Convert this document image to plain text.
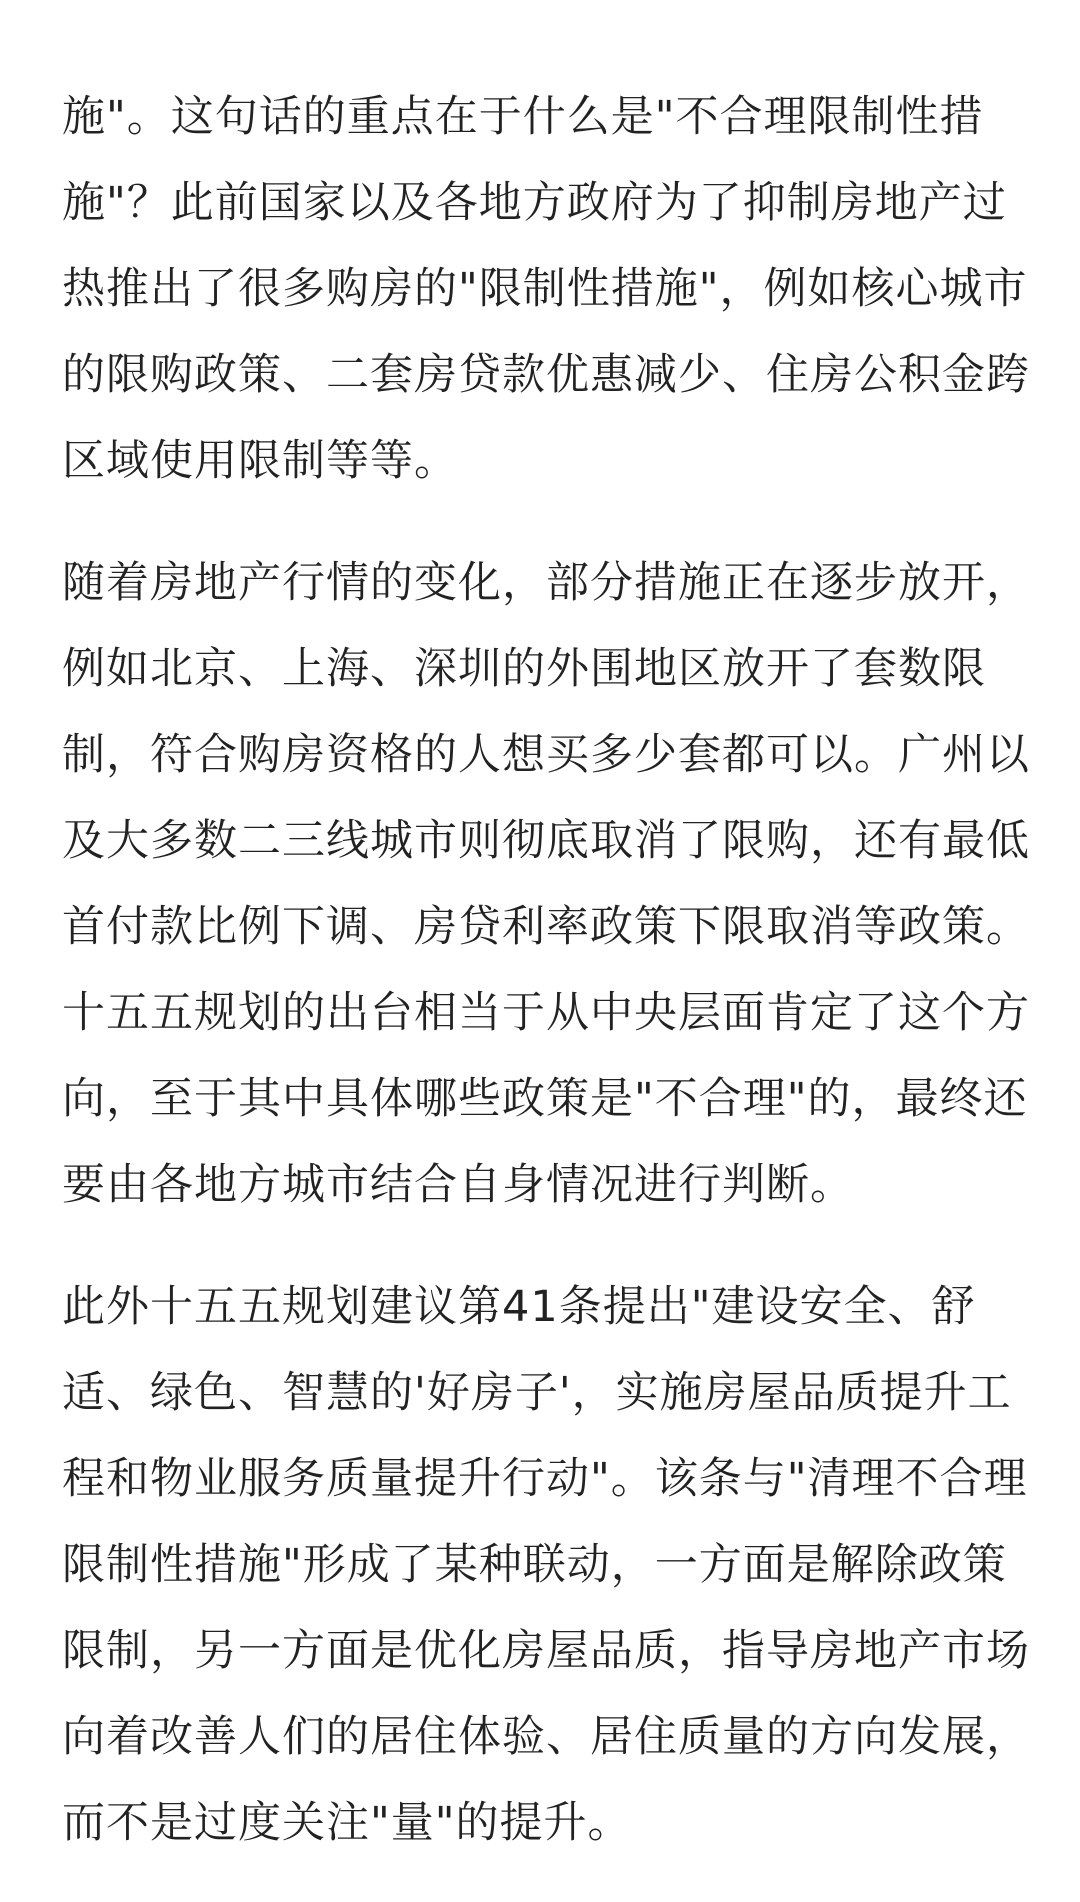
施"。这句话的重点在于什么是"不合理限制性措
施"？此前国家以及各地方政府为了抑制房地产过
热推出了很多购房的"限制性措施"，例如核心城市
的限购政策、二套房贷款优惠减少、住房公积金跨
区域使用限制等等。
随着房地产行情的变化，部分措施正在逐步放开，
例如北京、上海、深圳的外围地区放开了套数限
制，符合购房资格的人想买多少套都可以。广州以
及大多数二三线城市则彻底取消了限购，还有最低
首付款比例下调、房贷利率政策下限取消等政策。
十五五规划的出台相当于从中央层面肯定了这个方
向，至于其中具体哪些政策是"不合理"的，最终还
要由各地方城市结合自身情况进行判断。
此外十五五规划建议第41条提出"建设安全、舒
适、绿色、智慧的'好房子'，实施房屋品质提升工
程和物业服务质量提升行动"。该条与"清理不合理
限制性措施"形成了某种联动，一方面是解除政策
限制，另一方面是优化房屋品质，指导房地产市场
向着改善人们的居住体验、居住质量的方向发展，
而不是过度关注"量"的提升。
